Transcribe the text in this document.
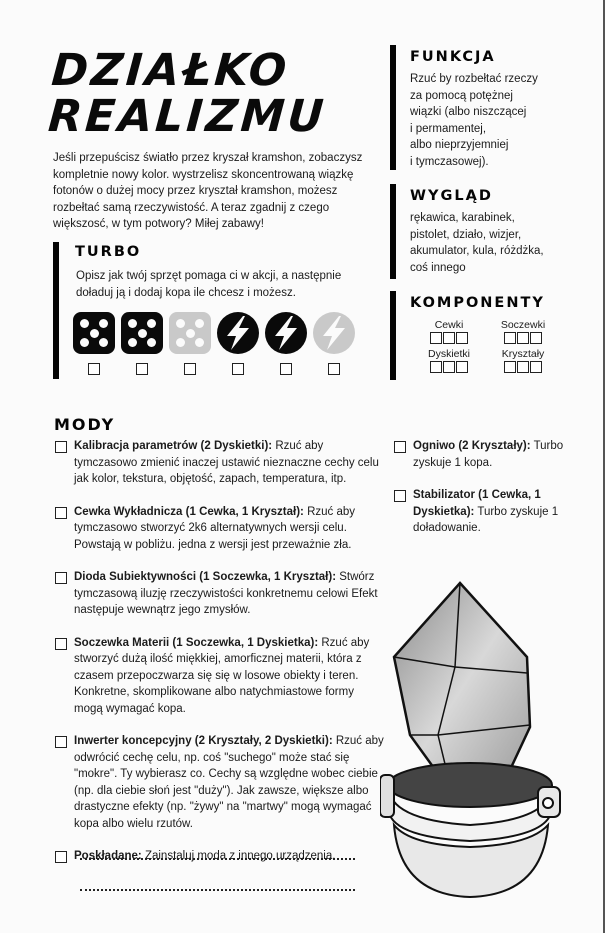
DZIAŁKO
REALIZMU
Jeśli przepuścisz światło przez kryszał kramshon, zobaczysz kompletnie nowy kolor. wystrzelisz skoncentrowaną wiązkę fotonów o dużej mocy przez kryształ kramshon, możesz rozbełtać samą rzeczywistość. A teraz zgadnij z czego większosć, w tym potwory? Miłej zabawy!
TURBO
Opisz jak twój sprzęt pomaga ci w akcji, a następnie doładuj ją i dodaj kopa ile chcesz i możesz.
FUNKCJA
Rzuć by rozbełtać rzeczy
za pomocą potężnej
wiązki (albo niszczącej
i permamentej,
albo nieprzyjemniej
i tymczasowej).
WYGLĄD
rękawica, karabinek,
pistolet, działo, wizjer,
akumulator, kula, różdżka,
coś innego
KOMPONENTY
Cewki	Soczewki
Dyskietki	Kryształy
MODY
Kalibracja parametrów (2 Dyskietki): Rzuć aby tymczasowo zmienić inaczej ustawić nieznaczne cechy celu jak kolor, tekstura, objętość, zapach, temperatura, itp.
Cewka Wykładnicza (1 Cewka, 1 Kryształ): Rzuć aby tymczasowo stworzyć 2k6 alternatywnych wersji celu. Powstają w pobliżu. jedna z wersji jest przeważnie zła.
Dioda Subiektywności (1 Soczewka, 1 Kryształ): Stwórz tymczasową iluzję rzeczywistości konkretnemu celowi Efekt następuje wewnątrz jego zmysłów.
Soczewka Materii (1 Soczewka, 1 Dyskietka): Rzuć aby stworzyć dużą ilość miękkiej, amorficznej materii, która z czasem przepoczwarza się się w losowe obiekty i teren. Konkretne, skomplikowane albo natychmiastowe formy mogą wymagać kopa.
Inwerter koncepcyjny (2 Kryształy, 2 Dyskietki): Rzuć aby odwrócić cechę celu, np. coś "suchego" może stać się "mokre". Ty wybierasz co. Cechy są względne wobec ciebie (np. dla ciebie słoń jest "duży"). Jak zawsze, większe albo drastyczne efekty (np. "żywy" na "martwy" mogą wymagać kopa albo wielu rzutów.
Poskładane: Zainstaluj moda z innego urządzenia.
Ogniwo (2 Kryształy): Turbo zyskuje 1 kopa.
Stabilizator (1 Cewka, 1 Dyskietka): Turbo zyskuje 1 doładowanie.
